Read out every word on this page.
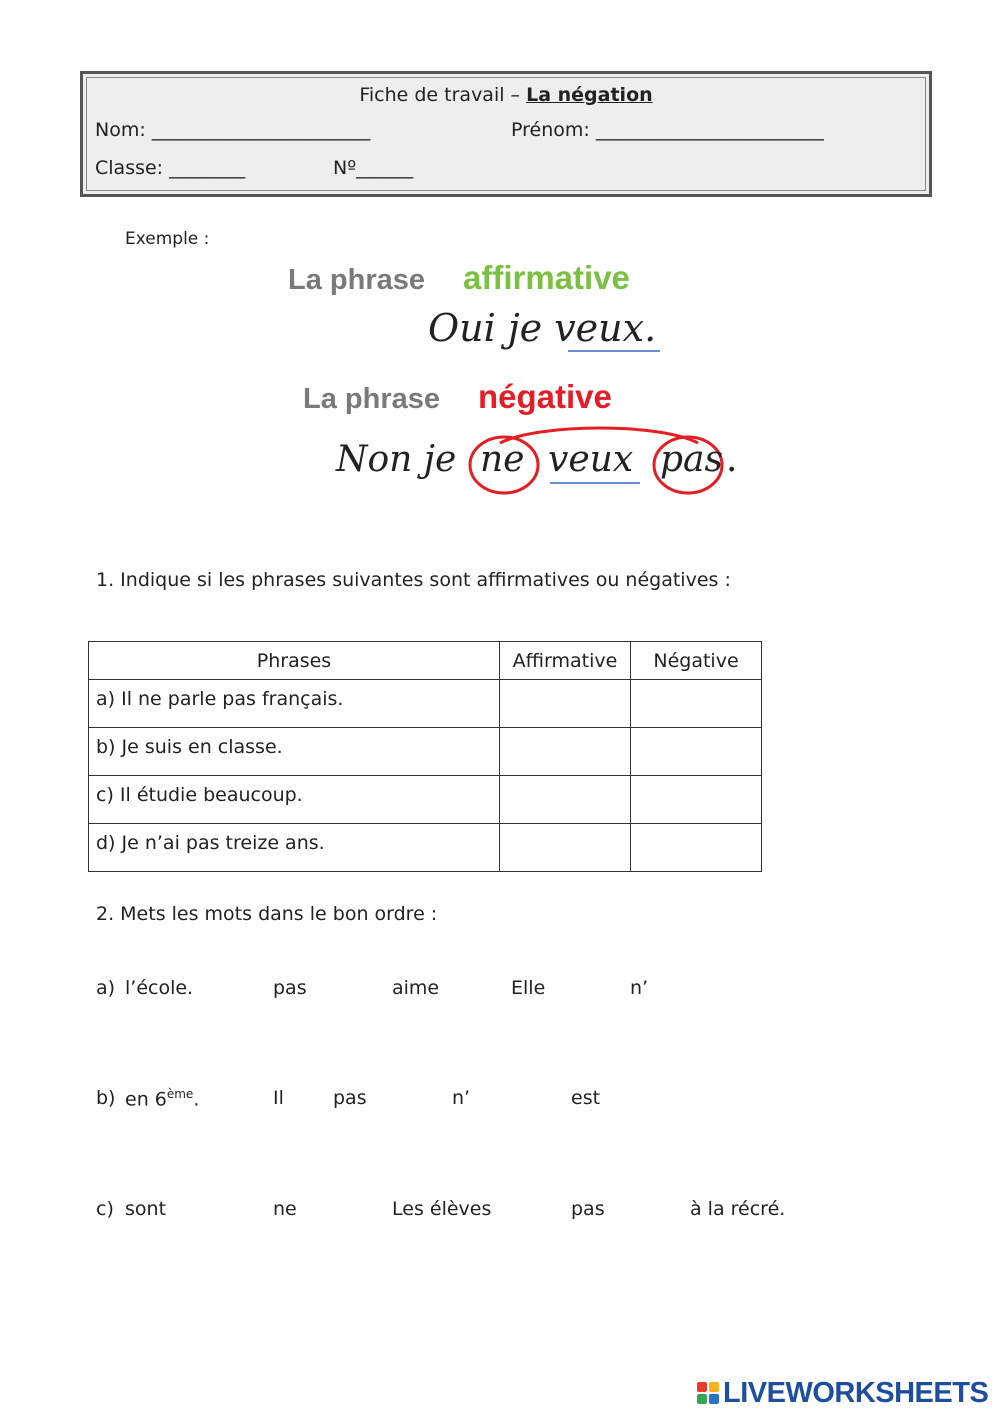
Fiche de travail – La négation
Nom: _______________________	Prénom: ________________________
Classe: ________	Nº______
Exemple :
La phrase affirmative
Oui je veux.
La phrase négative
Non je ne veux pas .
1. Indique si les phrases suivantes sont affirmatives ou négatives :
Phrases	Affirmative	Négative
a) Il ne parle pas français.		
b) Je suis en classe.		
c) Il étudie beaucoup.		
d) Je n’ai pas treize ans.		
2. Mets les mots dans le bon ordre :
a) l’école.	pas	aime	Elle	n’
b) en 6ème.	Il	pas	n’	est
c) sont	ne	Les élèves	pas	à la récré.
LIVEWORKSHEETS
